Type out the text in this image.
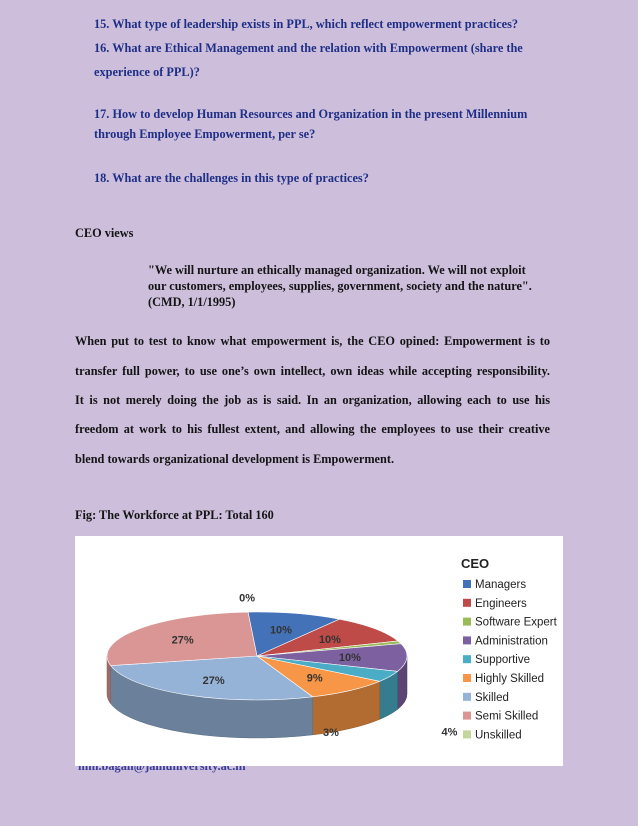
15. What type of leadership exists in PPL, which reflect empowerment practices?
16. What are Ethical Management and the relation with Empowerment (share the
experience of PPL)?
17. How to develop Human Resources and Organization in the present Millennium
through Employee Empowerment, per se?
18. What are the challenges in this type of practices?
CEO views
"We will nurture an ethically managed organization. We will not exploit
our customers, employees, supplies, government, society and the nature".
(CMD, 1/1/1995)
When put to test to know what empowerment is, the CEO opined: Empowerment is to
transfer full power, to use one’s own intellect, own ideas while accepting responsibility.
It is not merely doing the job as is said. In an organization, allowing each to use his
freedom at work to his fullest extent, and allowing the employees to use their creative
blend towards organizational development is Empowerment.
Fig: The Workforce at PPL: Total 160
10%
10%
10%
4%
9%
27%
27%
0%
3%
CEO
Managers
Engineers
Software Expert
Administration
Supportive
Highly Skilled
Skilled
Semi Skilled
Unskilled
